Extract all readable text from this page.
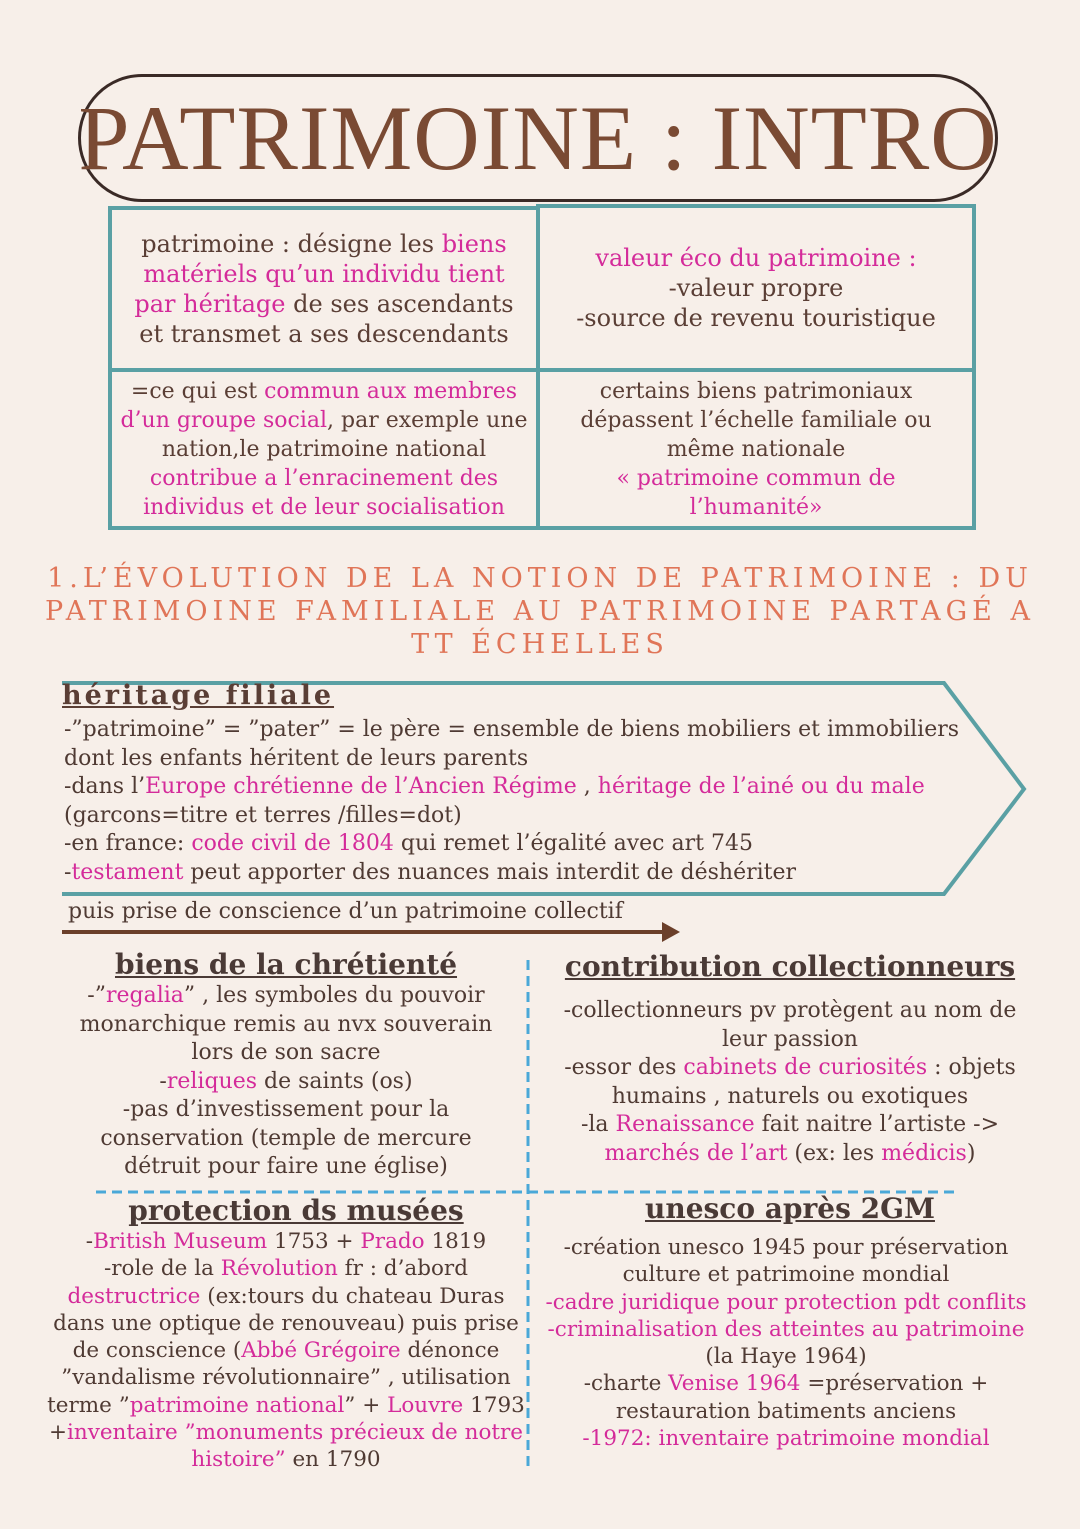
PATRIMOINE : INTRO
patrimoine : désigne les biens matériels qu’un individu tient par héritage de ses ascendants et transmet a ses descendants
valeur éco du patrimoine :
-valeur propre
-source de revenu touristique
=ce qui est commun aux membres d’un groupe social, par exemple une nation,le patrimoine national contribue a l’enracinement des individus et de leur socialisation
certains biens patrimoniaux dépassent l’échelle familiale ou même nationale
« patrimoine commun de l’humanité»
1.L’ÉVOLUTION DE LA NOTION DE PATRIMOINE : DU PATRIMOINE FAMILIALE AU PATRIMOINE PARTAGÉ A TT ÉCHELLES
héritage filiale
-”patrimoine” = ”pater” = le père = ensemble de biens mobiliers et immobiliers
dont les enfants héritent de leurs parents
-dans l’Europe chrétienne de l’Ancien Régime , héritage de l’ainé ou du male
(garcons=titre et terres /filles=dot)
-en france: code civil de 1804 qui remet l’égalité avec art 745
-testament peut apporter des nuances mais interdit de déshériter
puis prise de conscience d’un patrimoine collectif
biens de la chrétienté
-”regalia” , les symboles du pouvoir monarchique remis au nvx souverain lors de son sacre
-reliques de saints (os)
-pas d’investissement pour la conservation (temple de mercure détruit pour faire une église)
contribution collectionneurs
-collectionneurs pv protègent au nom de leur passion
-essor des cabinets de curiosités : objets humains , naturels ou exotiques
-la Renaissance fait naitre l’artiste -> marchés de l’art (ex: les médicis)
protection ds musées
-British Museum 1753 + Prado 1819
-role de la Révolution fr : d’abord destructrice (ex:tours du chateau Duras dans une optique de renouveau) puis prise de conscience (Abbé Grégoire dénonce ”vandalisme révolutionnaire” , utilisation terme ”patrimoine national” + Louvre 1793 +inventaire ”monuments précieux de notre histoire” en 1790
unesco après 2GM
-création unesco 1945 pour préservation culture et patrimoine mondial
-cadre juridique pour protection pdt conflits
-criminalisation des atteintes au patrimoine (la Haye 1964)
-charte Venise 1964 =préservation + restauration batiments anciens
-1972: inventaire patrimoine mondial
